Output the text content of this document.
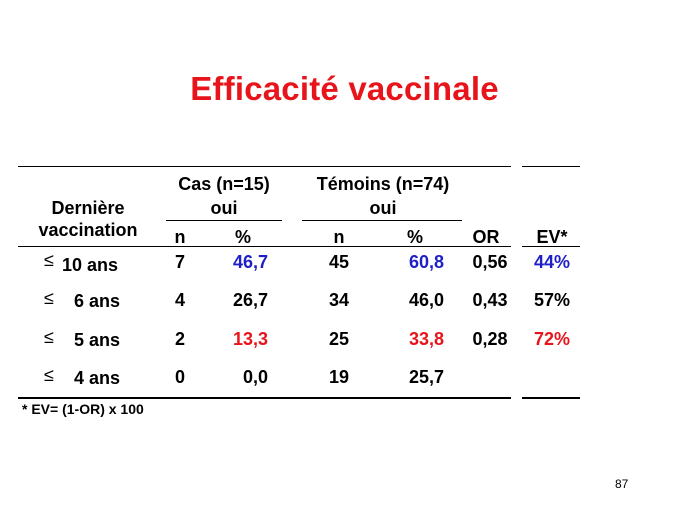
Efficacité vaccinale
Dernière
vaccination
Cas (n=15)
oui
Témoins (n=74)
oui
n	%	n	%	OR	EV*
≤ 10 ans	7	46,7	45	60,8	0,56	44%
≤ 6 ans	4	26,7	34	46,0	0,43	57%
≤ 5 ans	2	13,3	25	33,8	0,28	72%
≤ 4 ans	0	0,0	19	25,7
* EV= (1-OR) x 100
87
